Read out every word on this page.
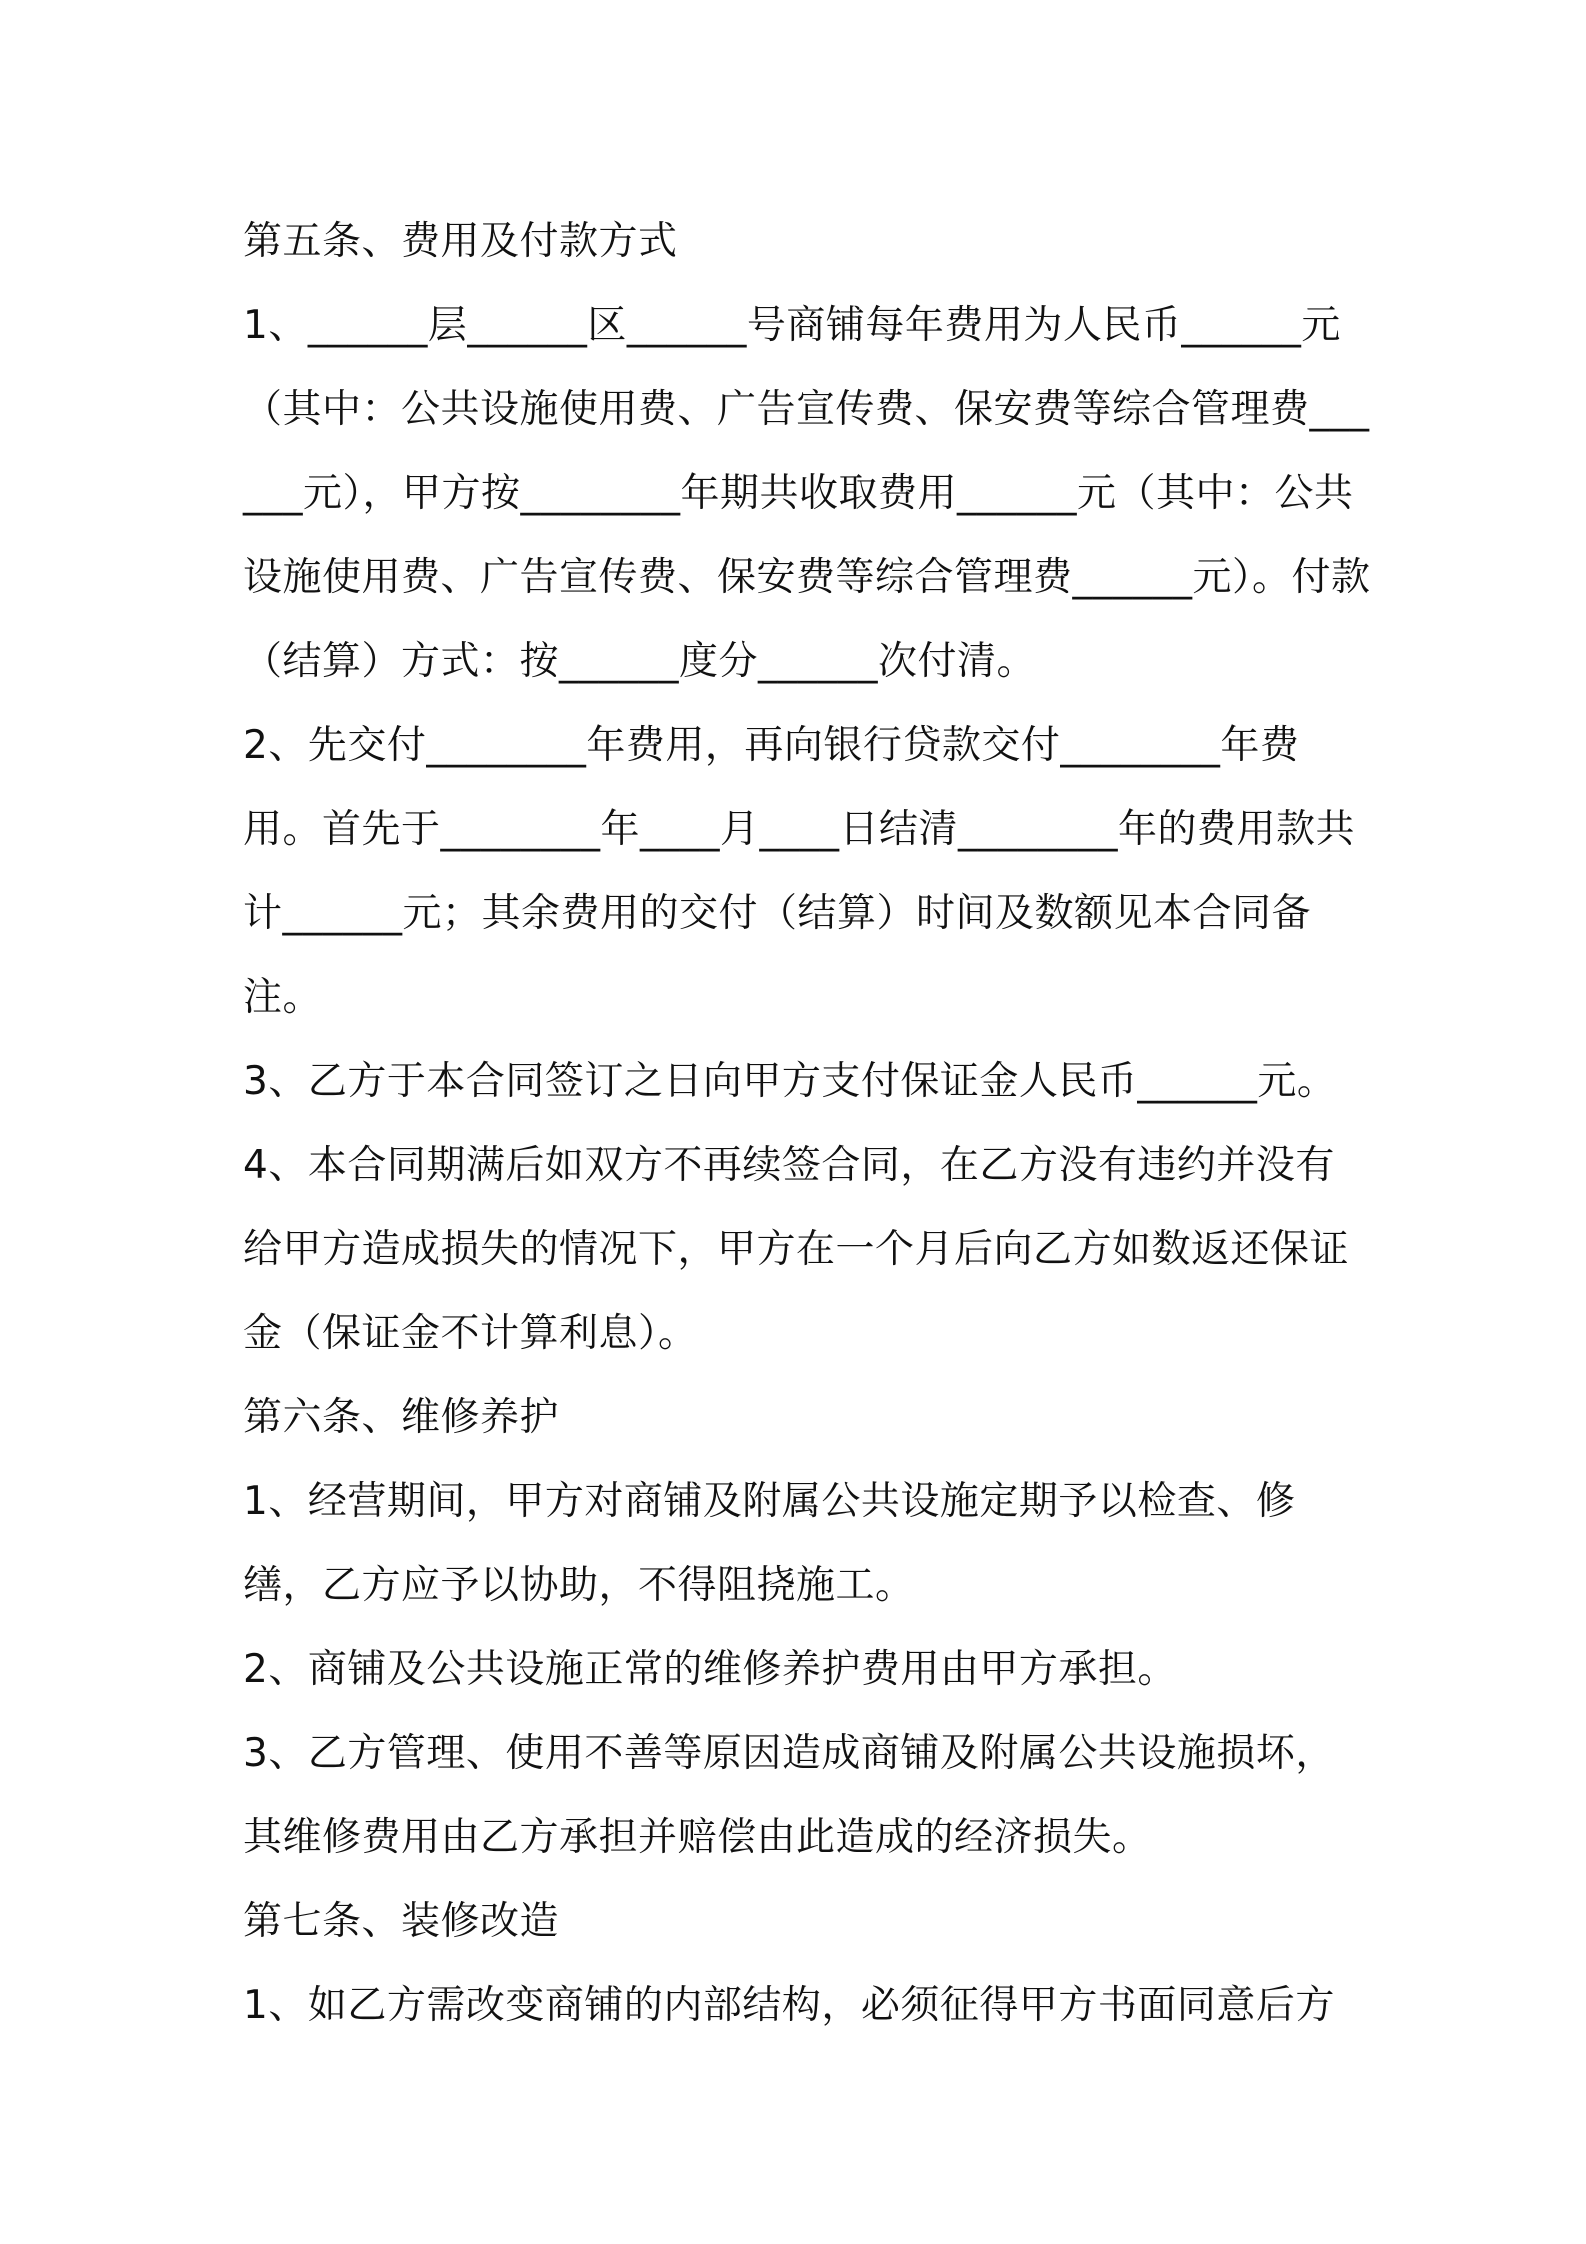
第五条、费用及付款方式

1、______层______区______号商铺每年费用为人民币______元（其中：公共设施使用费、广告宣传费、保安费等综合管理费______元），甲方按________年期共收取费用______元（其中：公共设施使用费、广告宣传费、保安费等综合管理费______元）。付款（结算）方式：按______度分______次付清。

2、先交付________年费用，再向银行贷款交付________年费用。首先于________年____月____日结清________年的费用款共计______元；其余费用的交付（结算）时间及数额见本合同备注。

3、乙方于本合同签订之日向甲方支付保证金人民币______元。

4、本合同期满后如双方不再续签合同，在乙方没有违约并没有给甲方造成损失的情况下，甲方在一个月后向乙方如数返还保证金（保证金不计算利息）。

第六条、维修养护

1、经营期间，甲方对商铺及附属公共设施定期予以检查、修缮，乙方应予以协助，不得阻挠施工。

2、商铺及公共设施正常的维修养护费用由甲方承担。

3、乙方管理、使用不善等原因造成商铺及附属公共设施损坏，其维修费用由乙方承担并赔偿由此造成的经济损失。

第七条、装修改造

1、如乙方需改变商铺的内部结构，必须征得甲方书面同意后方
